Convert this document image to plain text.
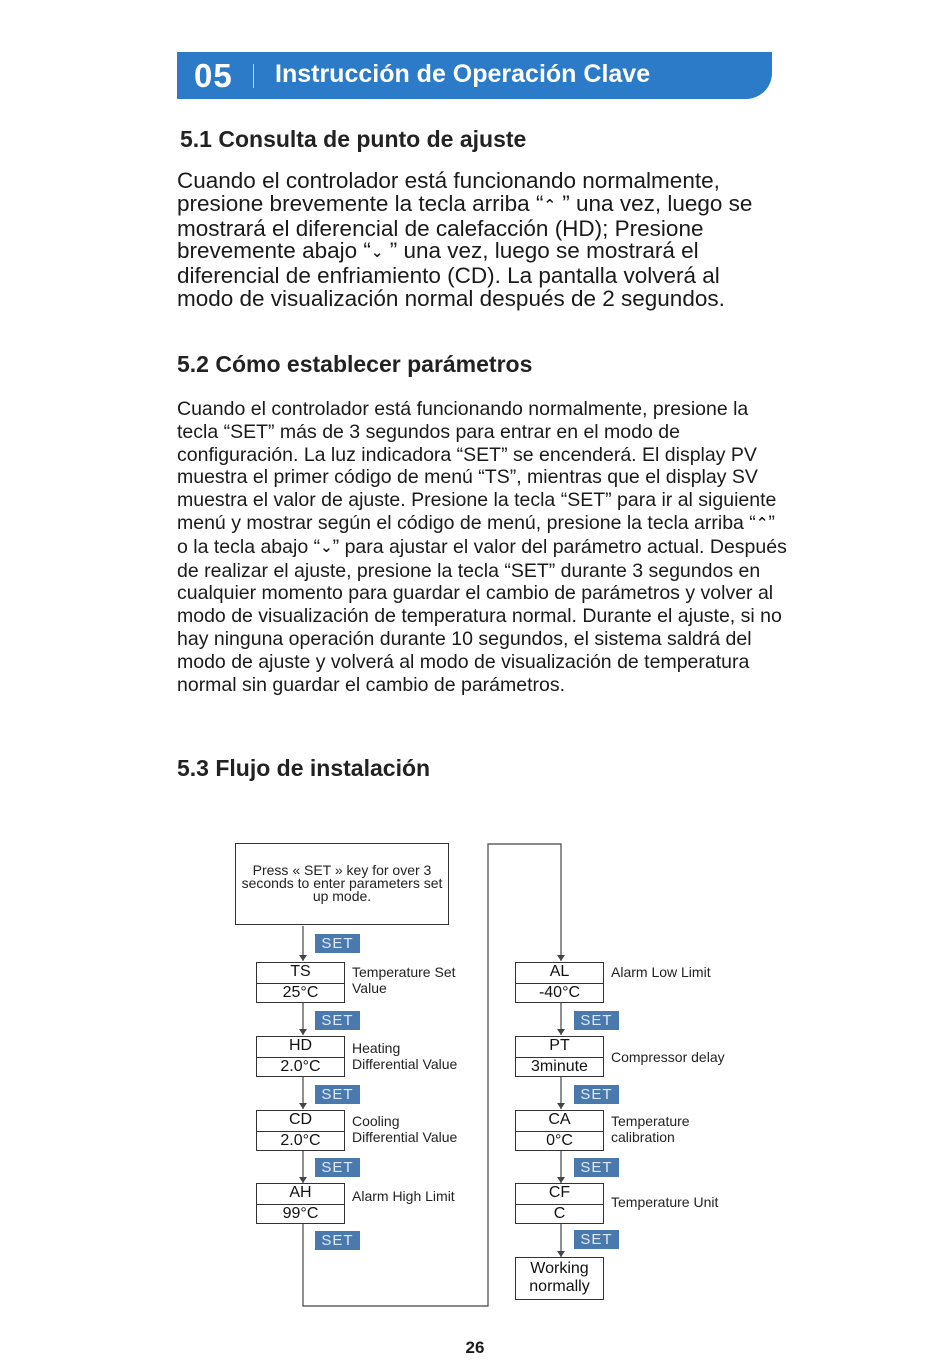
05 Instrucción de Operación Clave
5.1 Consulta de punto de ajuste

Cuando el controlador está funcionando normalmente, presione brevemente la tecla arriba “⌃ ” una vez, luego se mostrará el diferencial de calefacción (HD); Presione brevemente abajo “⌄ ” una vez, luego se mostrará el diferencial de enfriamiento (CD). La pantalla volverá al modo de visualización normal después de 2 segundos.

5.2 Cómo establecer parámetros

Cuando el controlador está funcionando normalmente, presione la tecla “SET” más de 3 segundos para entrar en el modo de configuración. La luz indicadora “SET” se encenderá. El display PV muestra el primer código de menú “TS”, mientras que el display SV muestra el valor de ajuste. Presione la tecla “SET” para ir al siguiente menú y mostrar según el código de menú, presione la tecla arriba “⌃” o la tecla abajo “⌄” para ajustar el valor del parámetro actual. Después de realizar el ajuste, presione la tecla “SET” durante 3 segundos en cualquier momento para guardar el cambio de parámetros y volver al modo de visualización de temperatura normal. Durante el ajuste, si no hay ninguna operación durante 10 segundos, el sistema saldrá del modo de ajuste y volverá al modo de visualización de temperatura normal sin guardar el cambio de parámetros.

5.3 Flujo de instalación
Press « SET » key for over 3 seconds to enter parameters set up mode.
SET
SET
SET
SET
SET
SET
SET
SET
SET
TS
25°C
Temperature Set
Value
HD
2.0°C
Heating
Differential Value
CD
2.0°C
Cooling
Differential Value
AH
99°C
Alarm High Limit
AL
-40°C
Alarm Low Limit
PT
3minute
Compressor delay
CA
0°C
Temperature
calibration
CF
C
Temperature Unit
Working
normally
26
